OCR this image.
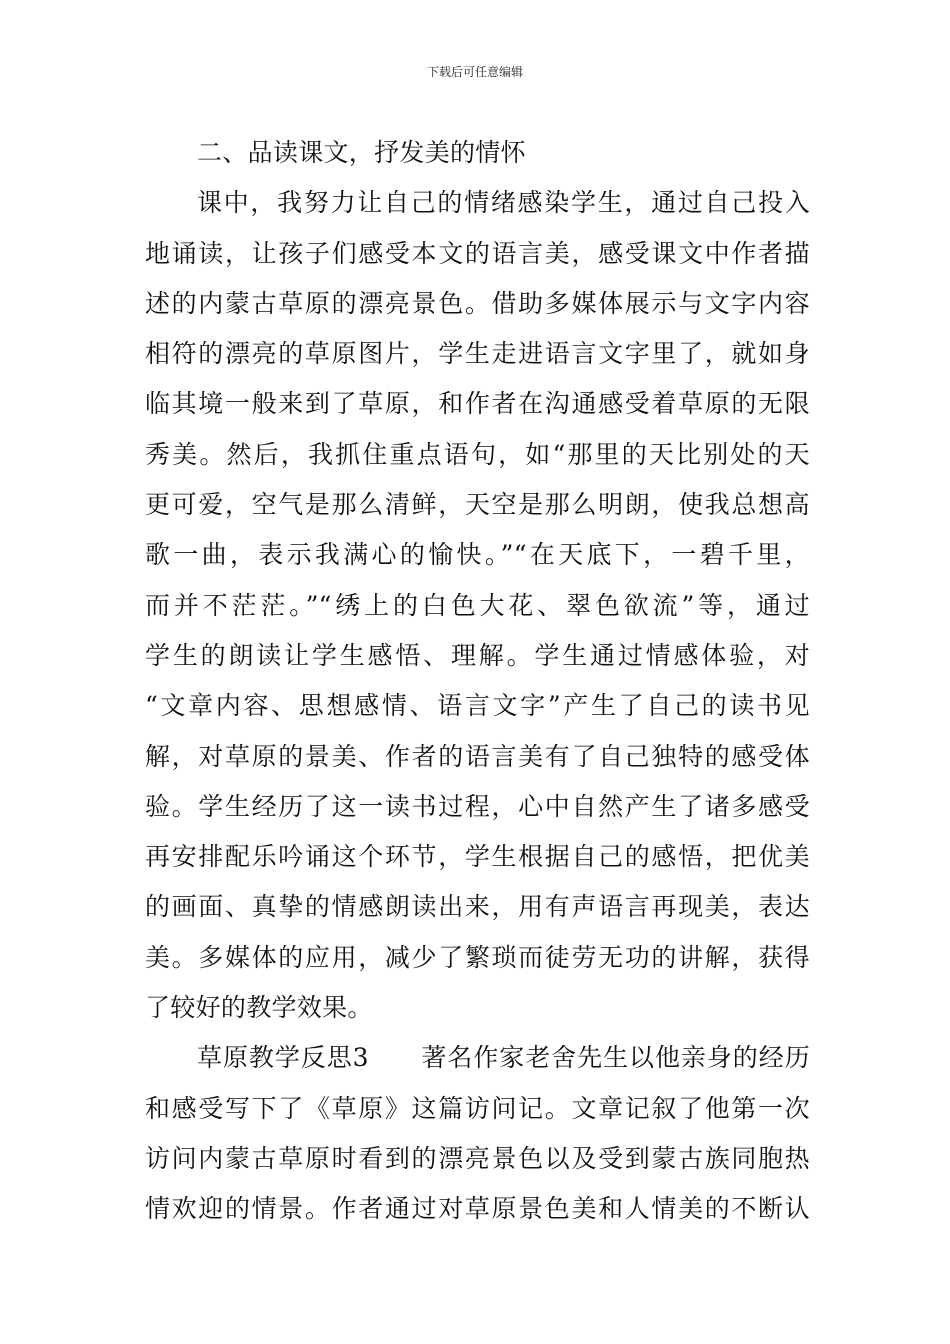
下载后可任意编辑
二、品读课文，抒发美的情怀
课中，我努力让自己的情绪感染学生，通过自己投入
地诵读，让孩子们感受本文的语言美，感受课文中作者描
述的内蒙古草原的漂亮景色。借助多媒体展示与文字内容
相符的漂亮的草原图片，学生走进语言文字里了，就如身
临其境一般来到了草原，和作者在沟通感受着草原的无限
秀美。然后，我抓住重点语句，如“那里的天比别处的天
更可爱，空气是那么清鲜，天空是那么明朗，使我总想高
歌一曲，表示我满心的愉快。”“在天底下，一碧千里，
而并不茫茫。”“绣上的白色大花、翠色欲流”等，通过
学生的朗读让学生感悟、理解。学生通过情感体验，对
“文章内容、思想感情、语言文字”产生了自己的读书见
解，对草原的景美、作者的语言美有了自己独特的感受体
验。学生经历了这一读书过程，心中自然产生了诸多感受
再安排配乐吟诵这个环节，学生根据自己的感悟，把优美
的画面、真挚的情感朗读出来，用有声语言再现美，表达
美。多媒体的应用，减少了繁琐而徒劳无功的讲解，获得
了较好的教学效果。
草原教学反思3　　著名作家老舍先生以他亲身的经历
和感受写下了《草原》这篇访问记。文章记叙了他第一次
访问内蒙古草原时看到的漂亮景色以及受到蒙古族同胞热
情欢迎的情景。作者通过对草原景色美和人情美的不断认
